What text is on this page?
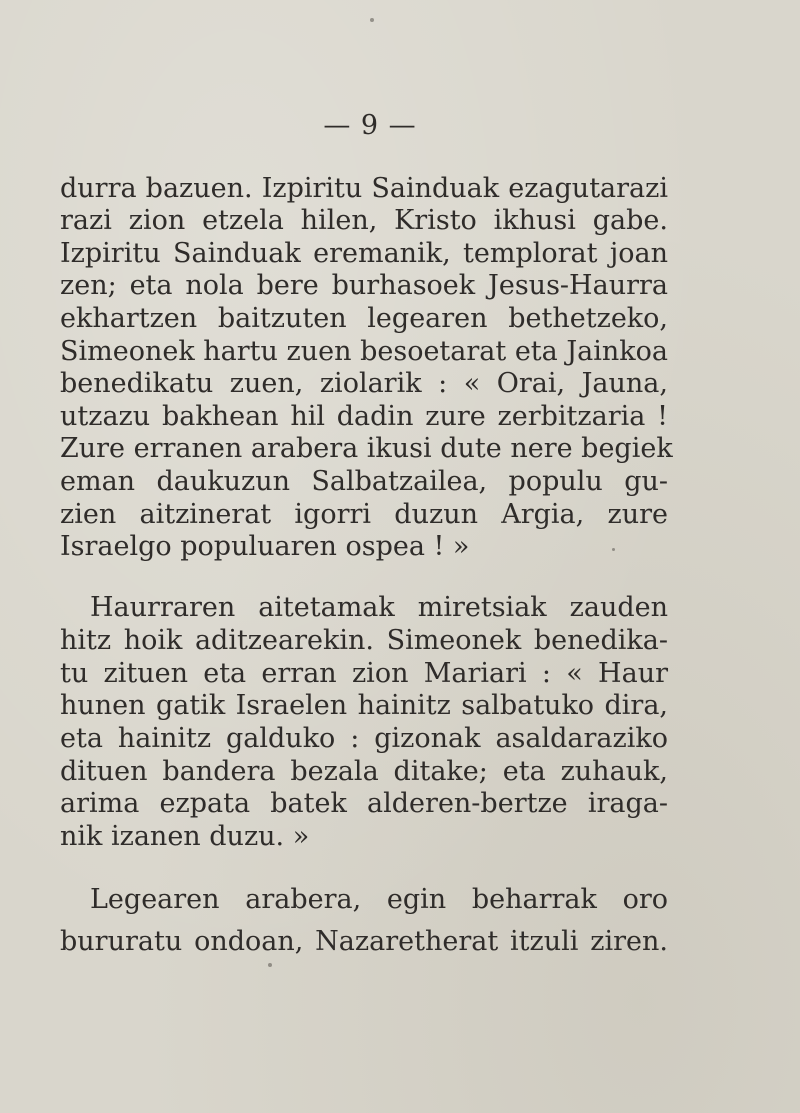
— 9 —
durra bazuen. Izpiritu Sainduak ezagutarazi
razi zion etzela hilen, Kristo ikhusi gabe.
Izpiritu Sainduak eremanik, templorat joan
zen; eta nola bere burhasoek Jesus-Haurra
ekhartzen baitzuten legearen bethetzeko,
Simeonek hartu zuen besoetarat eta Jainkoa
benedikatu zuen, ziolarik : « Orai, Jauna,
utzazu bakhean hil dadin zure zerbitzaria !
Zure erranen arabera ikusi dute nere begiek
eman daukuzun Salbatzailea, populu gu-
zien aitzinerat igorri duzun Argia, zure
Israelgo populuaren ospea ! »
Haurraren aitetamak miretsiak zauden
hitz hoik aditzearekin. Simeonek benedika-
tu zituen eta erran zion Mariari : « Haur
hunen gatik Israelen hainitz salbatuko dira,
eta hainitz galduko : gizonak asaldaraziko
dituen bandera bezala ditake; eta zuhauk,
arima ezpata batek alderen-bertze iraga-
nik izanen duzu. »
Legearen arabera, egin beharrak oro
bururatu ondoan, Nazaretherat itzuli ziren.
